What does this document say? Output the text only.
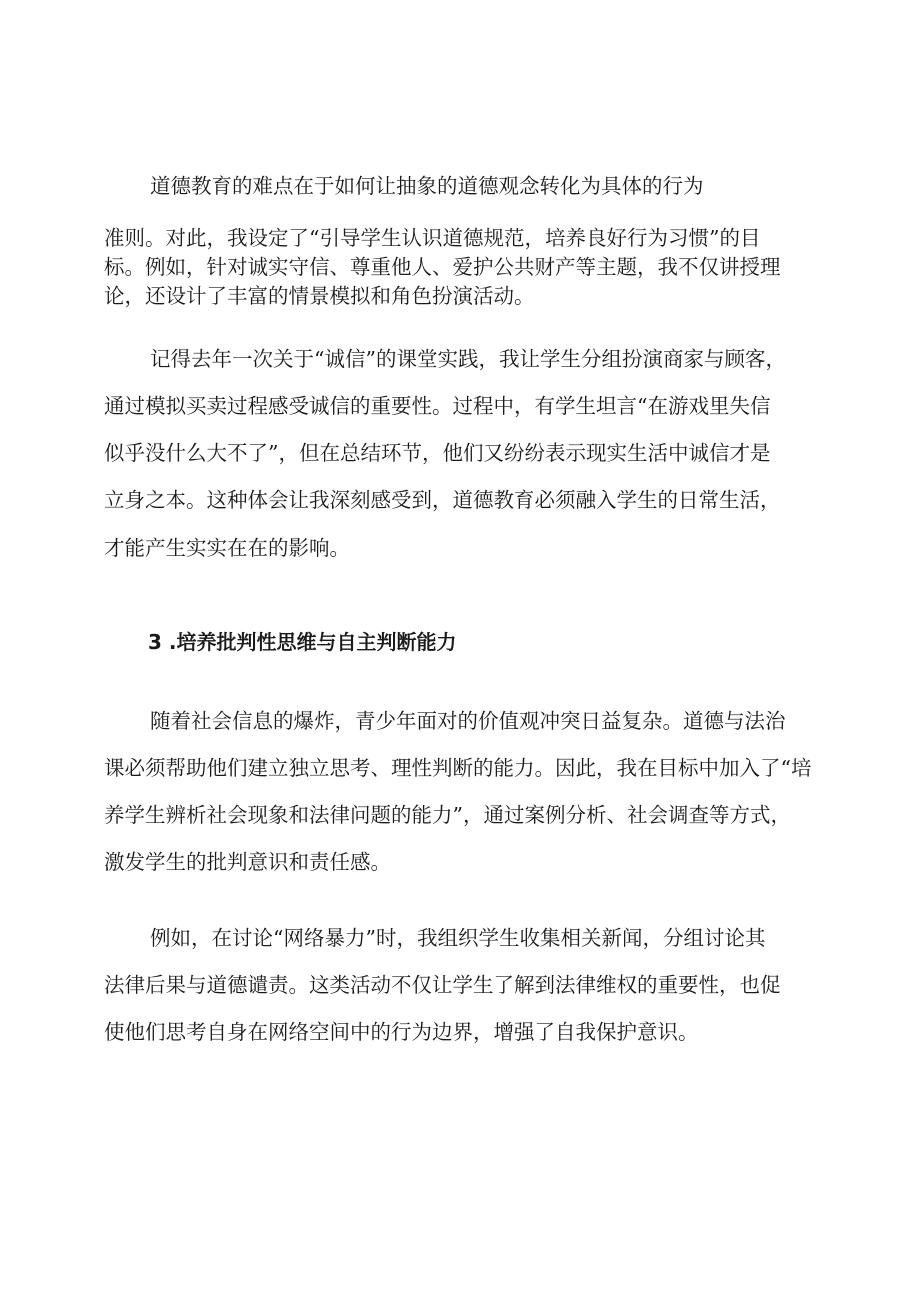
道德教育的难点在于如何让抽象的道德观念转化为具体的行为

准则。对此，我设定了“引导学生认识道德规范，培养良好行为习惯”的目

标。例如，针对诚实守信、尊重他人、爱护公共财产等主题，我不仅讲授理

论，还设计了丰富的情景模拟和角色扮演活动。

记得去年一次关于“诚信”的课堂实践，我让学生分组扮演商家与顾客，

通过模拟买卖过程感受诚信的重要性。过程中，有学生坦言“在游戏里失信

似乎没什么大不了”，但在总结环节，他们又纷纷表示现实生活中诚信才是

立身之本。这种体会让我深刻感受到，道德教育必须融入学生的日常生活，

才能产生实实在在的影响。

3 .培养批判性思维与自主判断能力

随着社会信息的爆炸，青少年面对的价值观冲突日益复杂。道德与法治

课必须帮助他们建立独立思考、理性判断的能力。因此，我在目标中加入了“培

养学生辨析社会现象和法律问题的能力”，通过案例分析、社会调查等方式，

激发学生的批判意识和责任感。

例如，在讨论“网络暴力”时，我组织学生收集相关新闻，分组讨论其

法律后果与道德谴责。这类活动不仅让学生了解到法律维权的重要性，也促

使他们思考自身在网络空间中的行为边界，增强了自我保护意识。
